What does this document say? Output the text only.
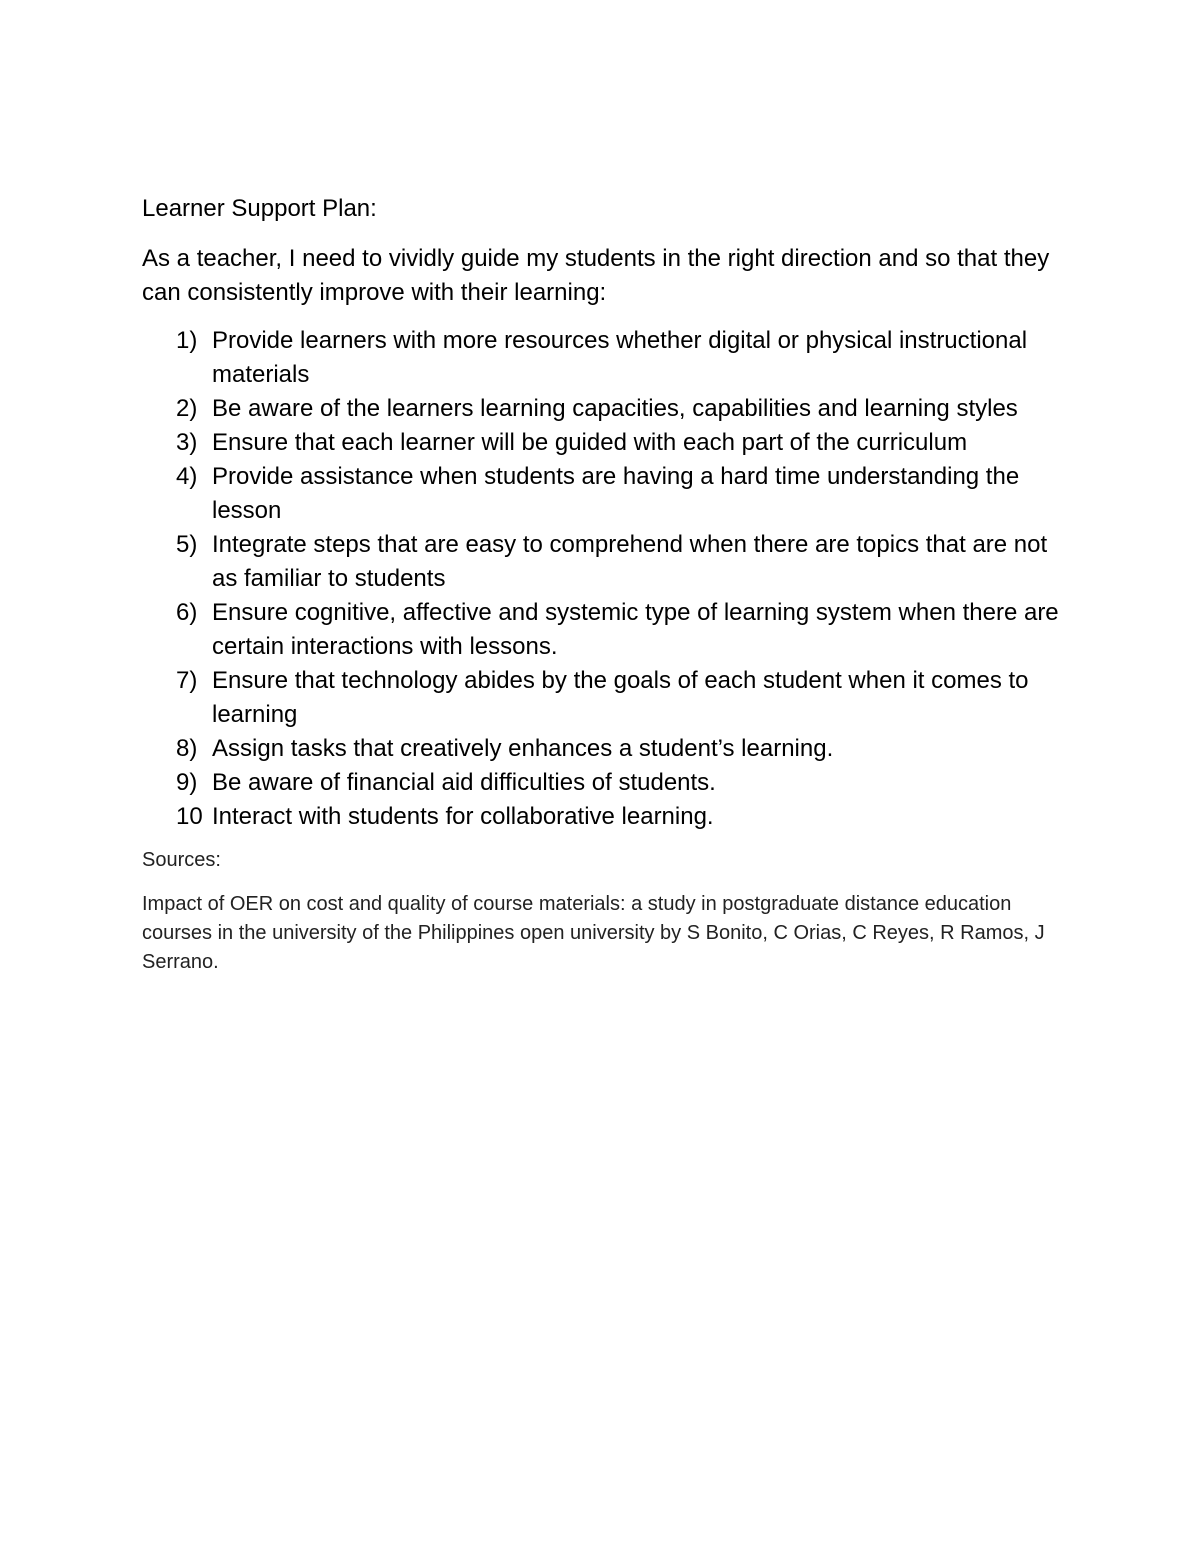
Learner Support Plan:

As a teacher, I need to vividly guide my students in the right direction and so that they can consistently improve with their learning:

1) Provide learners with more resources whether digital or physical instructional materials
2) Be aware of the learners learning capacities, capabilities and learning styles
3) Ensure that each learner will be guided with each part of the curriculum
4) Provide assistance when students are having a hard time understanding the lesson
5) Integrate steps that are easy to comprehend when there are topics that are not as familiar to students
6) Ensure cognitive, affective and systemic type of learning system when there are certain interactions with lessons.
7) Ensure that technology abides by the goals of each student when it comes to learning
8) Assign tasks that creatively enhances a student’s learning.
9) Be aware of financial aid difficulties of students.
10 Interact with students for collaborative learning.

Sources:

Impact of OER on cost and quality of course materials: a study in postgraduate distance education courses in the university of the Philippines open university by S Bonito, C Orias, C Reyes, R Ramos, J Serrano.
